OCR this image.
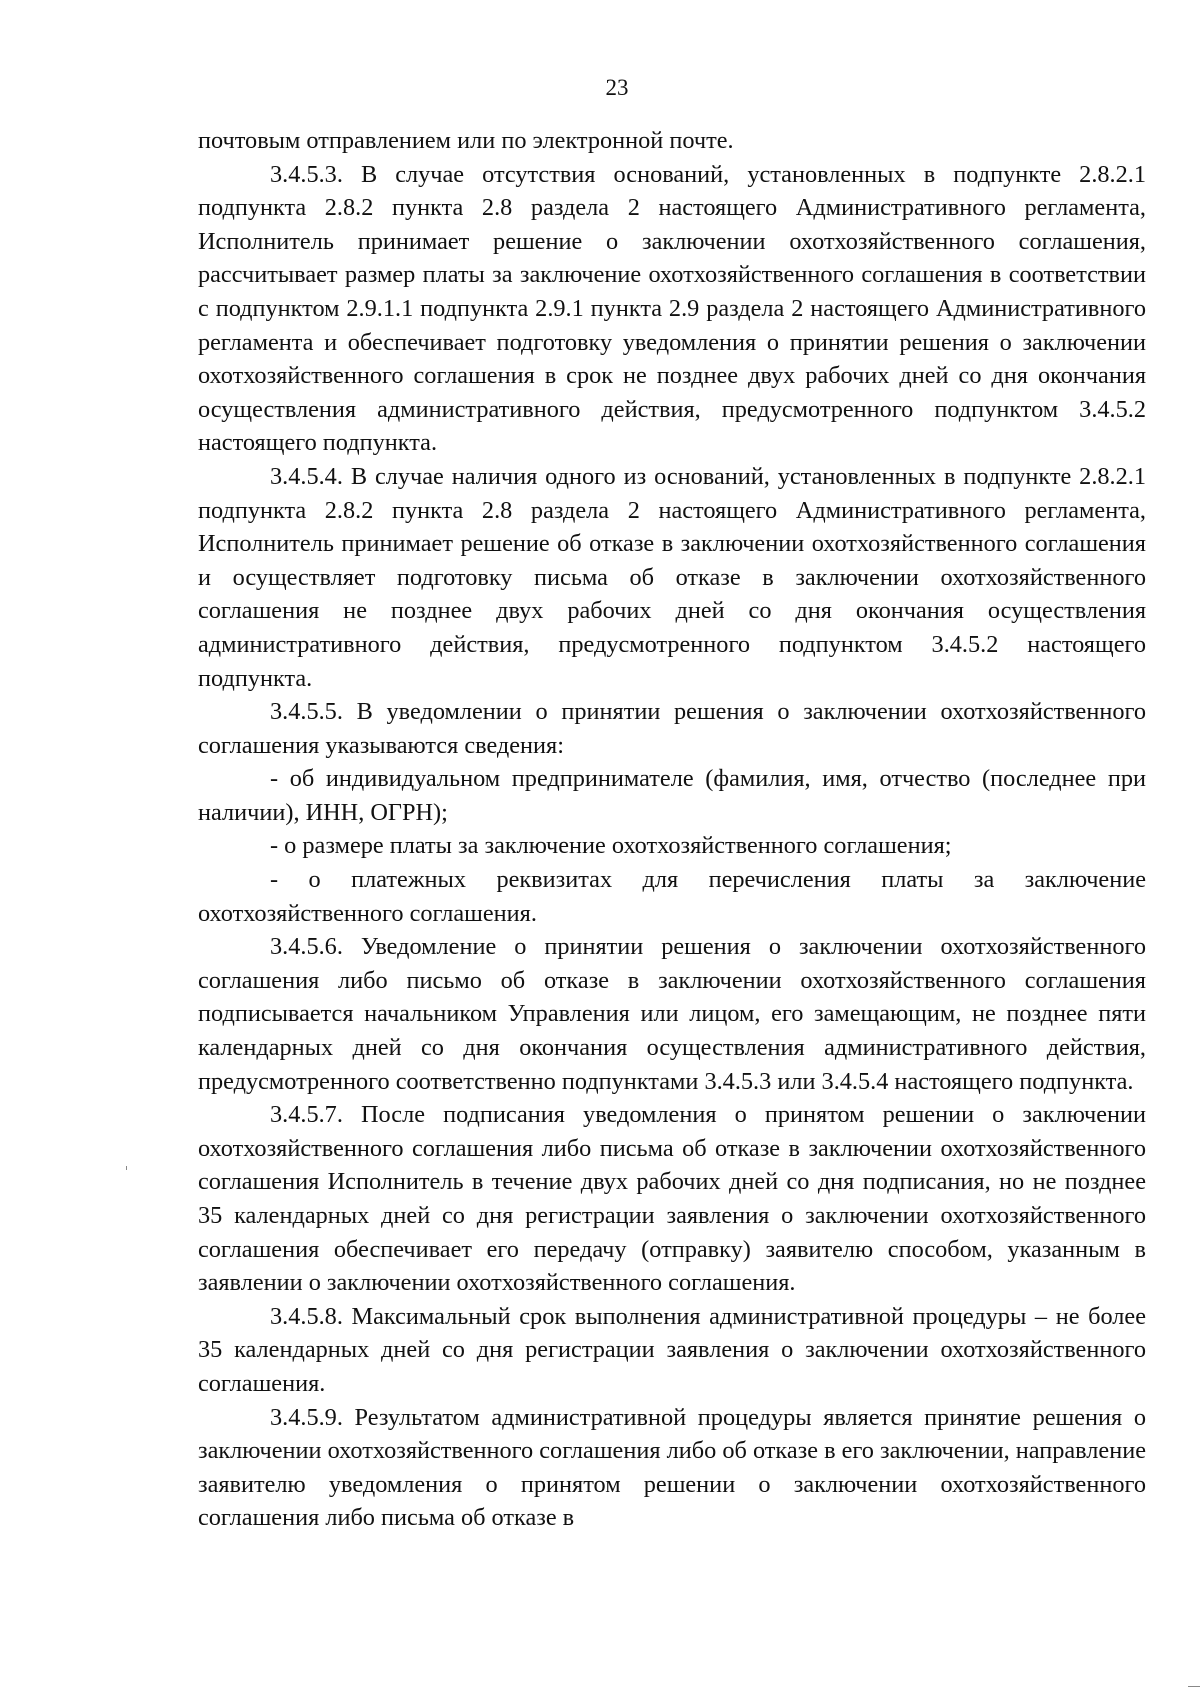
23

почтовым отправлением или по электронной почте.

3.4.5.3. В случае отсутствия оснований, установленных в подпункте 2.8.2.1 подпункта 2.8.2 пункта 2.8 раздела 2 настоящего Административного регламента, Исполнитель принимает решение о заключении охотхозяйственного соглашения, рассчитывает размер платы за заключение охотхозяйственного соглашения в соответствии с подпунктом 2.9.1.1 подпункта 2.9.1 пункта 2.9 раздела 2 настоящего Административного регламента и обеспечивает подготовку уведомления о принятии решения о заключении охотхозяйственного соглашения в срок не позднее двух рабочих дней со дня окончания осуществления административного действия, предусмотренного подпунктом 3.4.5.2 настоящего подпункта.

3.4.5.4. В случае наличия одного из оснований, установленных в подпункте 2.8.2.1 подпункта 2.8.2 пункта 2.8 раздела 2 настоящего Административного регламента, Исполнитель принимает решение об отказе в заключении охотхозяйственного соглашения и осуществляет подготовку письма об отказе в заключении охотхозяйственного соглашения не позднее двух рабочих дней со дня окончания осуществления административного действия, предусмотренного подпунктом 3.4.5.2 настоящего подпункта.

3.4.5.5. В уведомлении о принятии решения о заключении охотхозяйственного соглашения указываются сведения:

- об индивидуальном предпринимателе (фамилия, имя, отчество (последнее при наличии), ИНН, ОГРН);

- о размере платы за заключение охотхозяйственного соглашения;

- о платежных реквизитах для перечисления платы за заключение охотхозяйственного соглашения.

3.4.5.6. Уведомление о принятии решения о заключении охотхозяйственного соглашения либо письмо об отказе в заключении охотхозяйственного соглашения подписывается начальником Управления или лицом, его замещающим, не позднее пяти календарных дней со дня окончания осуществления административного действия, предусмотренного соответственно подпунктами 3.4.5.3 или 3.4.5.4 настоящего подпункта.

3.4.5.7. После подписания уведомления о принятом решении о заключении охотхозяйственного соглашения либо письма об отказе в заключении охотхозяйственного соглашения Исполнитель в течение двух рабочих дней со дня подписания, но не позднее 35 календарных дней со дня регистрации заявления о заключении охотхозяйственного соглашения обеспечивает его передачу (отправку) заявителю способом, указанным в заявлении о заключении охотхозяйственного соглашения.

3.4.5.8. Максимальный срок выполнения административной процедуры – не более 35 календарных дней со дня регистрации заявления о заключении охотхозяйственного соглашения.

3.4.5.9. Результатом административной процедуры является принятие решения о заключении охотхозяйственного соглашения либо об отказе в его заключении, направление заявителю уведомления о принятом решении о заключении охотхозяйственного соглашения либо письма об отказе в
